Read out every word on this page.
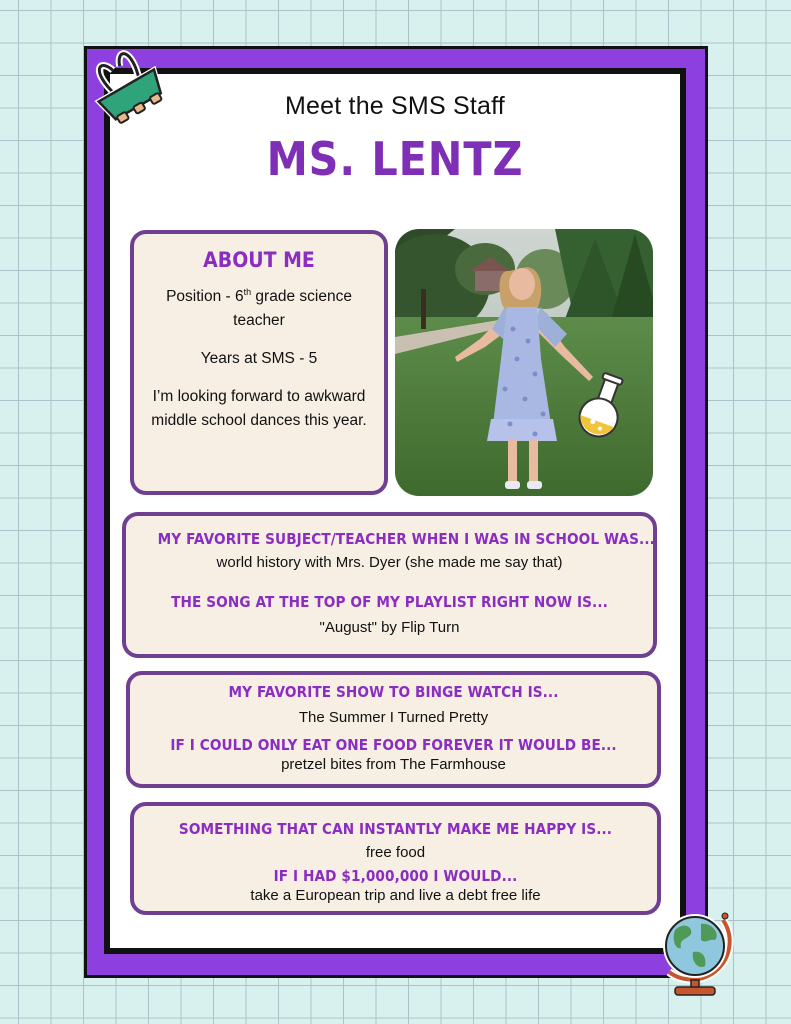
Meet the SMS Staff
MS. LENTZ
ABOUT ME

Position - 6th grade science teacher

Years at SMS - 5

I’m looking forward to awkward middle school dances this year.

MY FAVORITE SUBJECT/TEACHER WHEN I WAS IN SCHOOL WAS...

world history with Mrs. Dyer (she made me say that)

THE SONG AT THE TOP OF MY PLAYLIST RIGHT NOW IS...

"August" by Flip Turn

MY FAVORITE SHOW TO BINGE WATCH IS...

The Summer I Turned Pretty

IF I COULD ONLY EAT ONE FOOD FOREVER IT WOULD BE...

pretzel bites from The Farmhouse

SOMETHING THAT CAN INSTANTLY MAKE ME HAPPY IS...

free food

IF I HAD $1,000,000 I WOULD...

take a European trip and live a debt free life
